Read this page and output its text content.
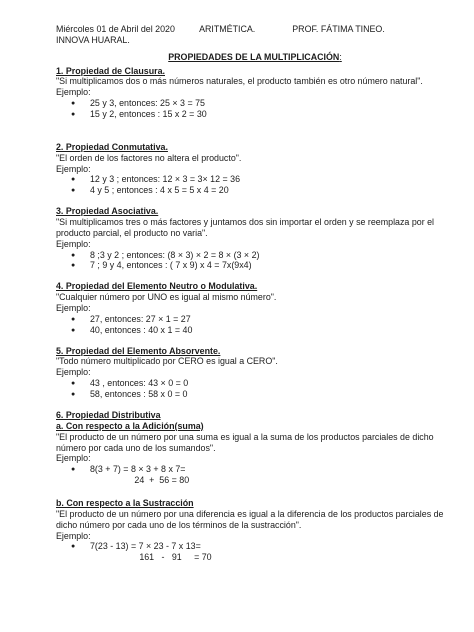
Miércoles 01 de Abril del 2020          ARITMÉTICA.               PROF. FÁTIMA TINEO.
INNOVA HUARAL.
PROPIEDADES DE LA MULTIPLICACIÓN:
1. Propiedad de Clausura.
"Si multiplicamos dos o más números naturales, el producto también es otro número natural".
Ejemplo:
● 25 y 3, entonces: 25 × 3 = 75
● 15 y 2, entonces : 15 x 2 = 30
2. Propiedad Conmutativa.
"El orden de los factores no altera el producto".
Ejemplo:
● 12 y 3 ; entonces: 12 × 3 = 3× 12 = 36
● 4 y 5 ; entonces : 4 x 5 = 5 x 4 = 20
3. Propiedad Asociativa.
"Si multiplicamos tres o más factores y juntamos dos sin importar el orden y se reemplaza por el producto parcial, el producto no varia".
Ejemplo:
● 8 ;3 y 2 ; entonces: (8 × 3) × 2 = 8 × (3 × 2)
● 7 ; 9 y 4, entonces : ( 7 x 9) x 4 = 7x(9x4)
4. Propiedad del Elemento Neutro o Modulativa.
"Cualquier número por UNO es igual al mismo número".
Ejemplo:
● 27, entonces: 27 × 1 = 27
● 40, entonces : 40 x 1 = 40
5. Propiedad del Elemento Absorvente.
"Todo número multiplicado por CERO es igual a CERO".
Ejemplo:
● 43 , entonces: 43 × 0 = 0
● 58, entonces : 58 x 0 = 0
6. Propiedad Distributiva
a. Con respecto a la Adición(suma)
"El producto de un número por una suma es igual a la suma de los productos parciales de dicho número por cada uno de los sumandos".
Ejemplo:
● 8(3 + 7) = 8 × 3 + 8 x 7=
24  +  56 = 80
b. Con respecto a la Sustracción
"El producto de un número por una diferencia es igual a la diferencia de los productos parciales de dicho número por cada uno de los términos de la sustracción".
Ejemplo:
● 7(23 - 13) = 7 × 23 - 7 x 13=
161   -   91     = 70
